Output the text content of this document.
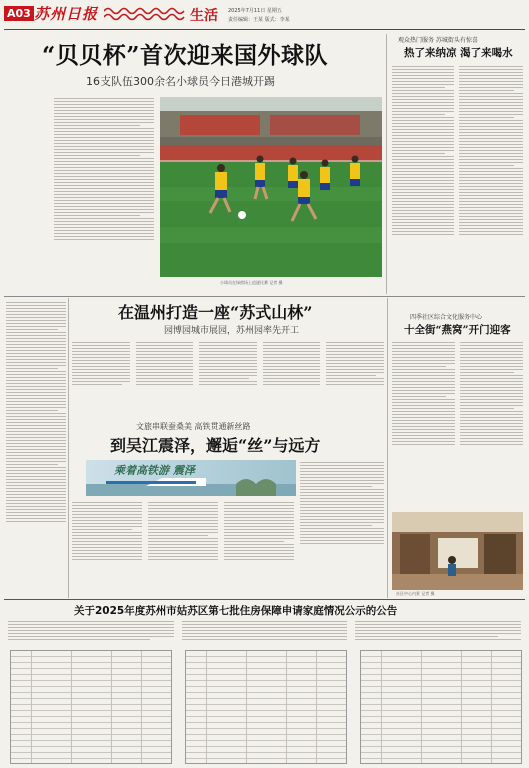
A03 苏州日报	生活 2025年7月11日 星期五
责任编辑：王某 版式：李某
“贝贝杯”首次迎来国外球队
16支队伍300余名小球员今日港城开踢
小球员在绿茵场上追逐比赛 记者 摄
观众热门服务 苏城街头有惊喜
热了来纳凉 渴了来喝水
在温州打造一座“苏式山林”
园博园城市展园，苏州园率先开工
文旅串联蚕桑美 高铁贯通新丝路
到吴江震泽，邂逅“丝”与远方
乘着高铁游 震泽
四季社区综合文化服务中心
十全街“燕窝”开门迎客
社区中心内景 记者 摄
关于2025年度苏州市姑苏区第七批住房保障申请家庭情况公示的公告
